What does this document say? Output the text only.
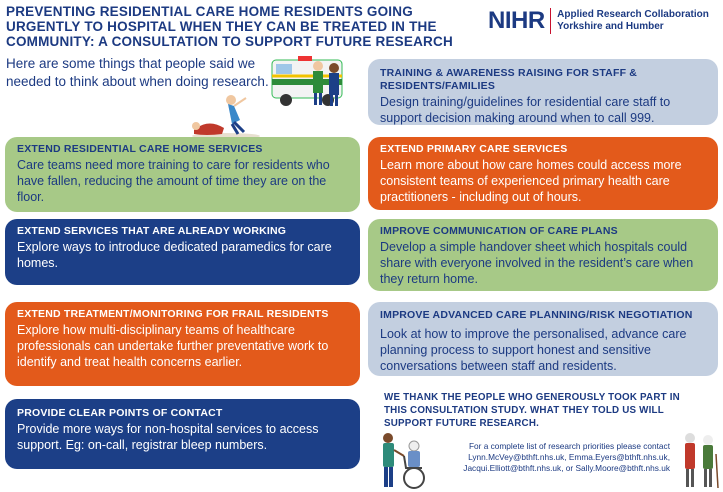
PREVENTING RESIDENTIAL CARE HOME RESIDENTS GOING URGENTLY TO HOSPITAL WHEN THEY CAN BE TREATED IN THE COMMUNITY: A CONSULTATION TO SUPPORT FUTURE RESEARCH
NIHR Applied Research Collaboration
Yorkshire and Humber
Here are some things that people said we needed to think about when doing research.
EXTEND RESIDENTIAL CARE HOME SERVICES
Care teams need more training to care for residents who have fallen, reducing the amount of time they are on the floor.
EXTEND SERVICES THAT ARE ALREADY WORKING
Explore ways to introduce dedicated paramedics for care homes.
EXTEND TREATMENT/MONITORING FOR FRAIL RESIDENTS
Explore how multi-disciplinary teams of healthcare professionals can undertake further preventative work to identify and treat health concerns earlier.
PROVIDE CLEAR POINTS OF CONTACT
Provide more ways for non-hospital services to access support. Eg: on-call, registrar bleep numbers.
TRAINING & AWARENESS RAISING FOR STAFF & RESIDENTS/FAMILIES
Design training/guidelines for residential care staff to support decision making around when to call 999.
EXTEND PRIMARY CARE SERVICES
Learn more about how care homes could access more consistent teams of experienced primary health care practitioners - including out of hours.
IMPROVE COMMUNICATION OF CARE PLANS
Develop a simple handover sheet which hospitals could share with everyone involved in the resident’s care when they return home.
IMPROVE ADVANCED CARE PLANNING/RISK NEGOTIATION
Look at how to improve the personalised, advance care planning process to support honest and sensitive conversations between staff and residents.
WE THANK THE PEOPLE WHO GENEROUSLY TOOK PART IN THIS CONSULTATION STUDY. WHAT THEY TOLD US WILL SUPPORT FUTURE RESEARCH.
For a complete list of research priorities please contact
Lynn.McVey@bthft.nhs.uk, Emma.Eyers@bthft.nhs.uk,
Jacqui.Elliott@bthft.nhs.uk, or Sally.Moore@bthft.nhs.uk
